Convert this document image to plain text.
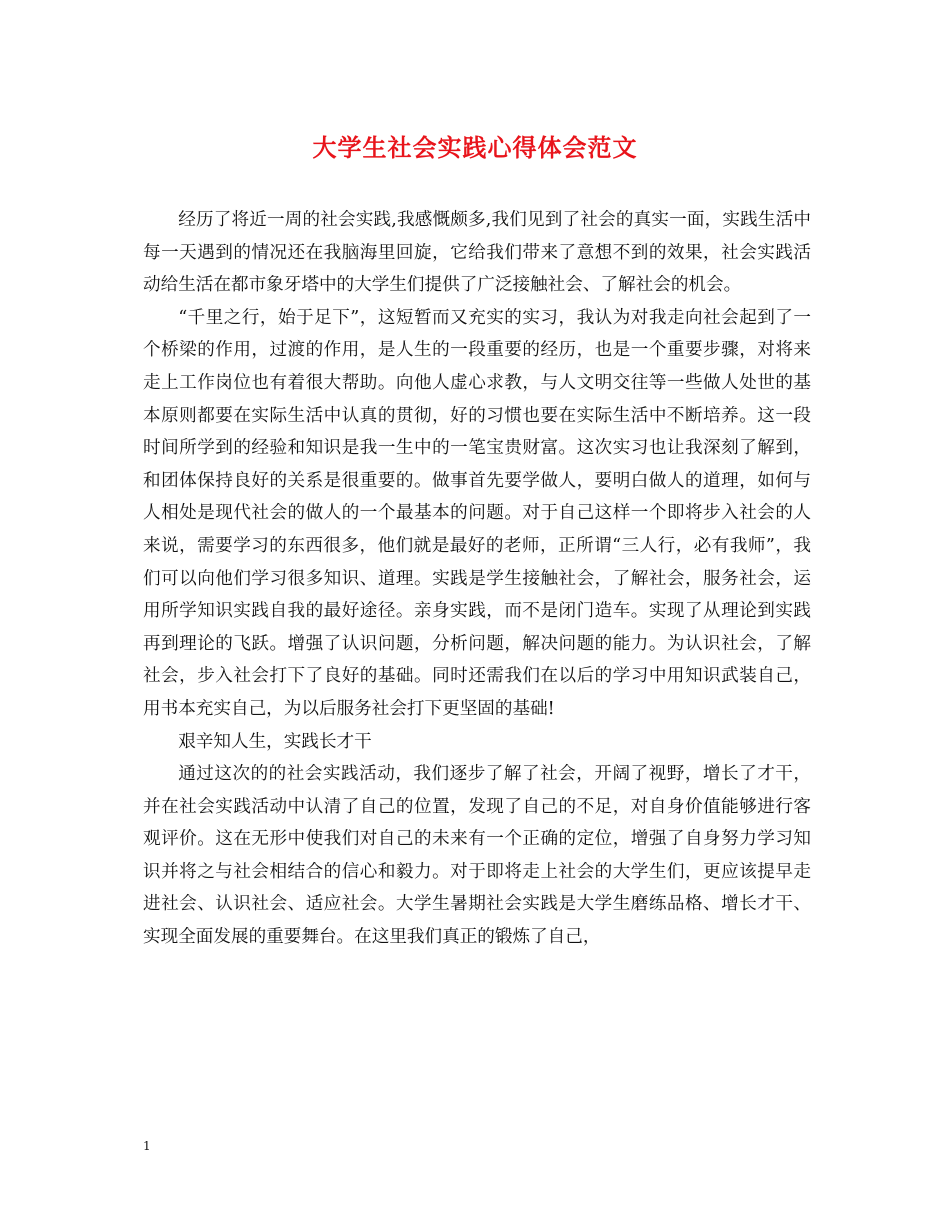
大学生社会实践心得体会范文

经历了将近一周的社会实践,我感慨颇多,我们见到了社会的真实一面，实践生活中每一天遇到的情况还在我脑海里回旋，它给我们带来了意想不到的效果，社会实践活动给生活在都市象牙塔中的大学生们提供了广泛接触社会、了解社会的机会。

“千里之行，始于足下”，这短暂而又充实的实习，我认为对我走向社会起到了一个桥梁的作用，过渡的作用，是人生的一段重要的经历，也是一个重要步骤，对将来走上工作岗位也有着很大帮助。向他人虚心求教，与人文明交往等一些做人处世的基本原则都要在实际生活中认真的贯彻，好的习惯也要在实际生活中不断培养。这一段时间所学到的经验和知识是我一生中的一笔宝贵财富。这次实习也让我深刻了解到，和团体保持良好的关系是很重要的。做事首先要学做人，要明白做人的道理，如何与人相处是现代社会的做人的一个最基本的问题。对于自己这样一个即将步入社会的人来说，需要学习的东西很多，他们就是最好的老师，正所谓“三人行，必有我师”，我们可以向他们学习很多知识、道理。实践是学生接触社会，了解社会，服务社会，运用所学知识实践自我的最好途径。亲身实践，而不是闭门造车。实现了从理论到实践再到理论的飞跃。增强了认识问题，分析问题，解决问题的能力。为认识社会，了解社会，步入社会打下了良好的基础。同时还需我们在以后的学习中用知识武装自己，用书本充实自己，为以后服务社会打下更坚固的基础!

艰辛知人生，实践长才干

通过这次的的社会实践活动，我们逐步了解了社会，开阔了视野，增长了才干，并在社会实践活动中认清了自己的位置，发现了自己的不足，对自身价值能够进行客观评价。这在无形中使我们对自己的未来有一个正确的定位，增强了自身努力学习知识并将之与社会相结合的信心和毅力。对于即将走上社会的大学生们，更应该提早走进社会、认识社会、适应社会。大学生暑期社会实践是大学生磨练品格、增长才干、实现全面发展的重要舞台。在这里我们真正的锻炼了自己，

1
